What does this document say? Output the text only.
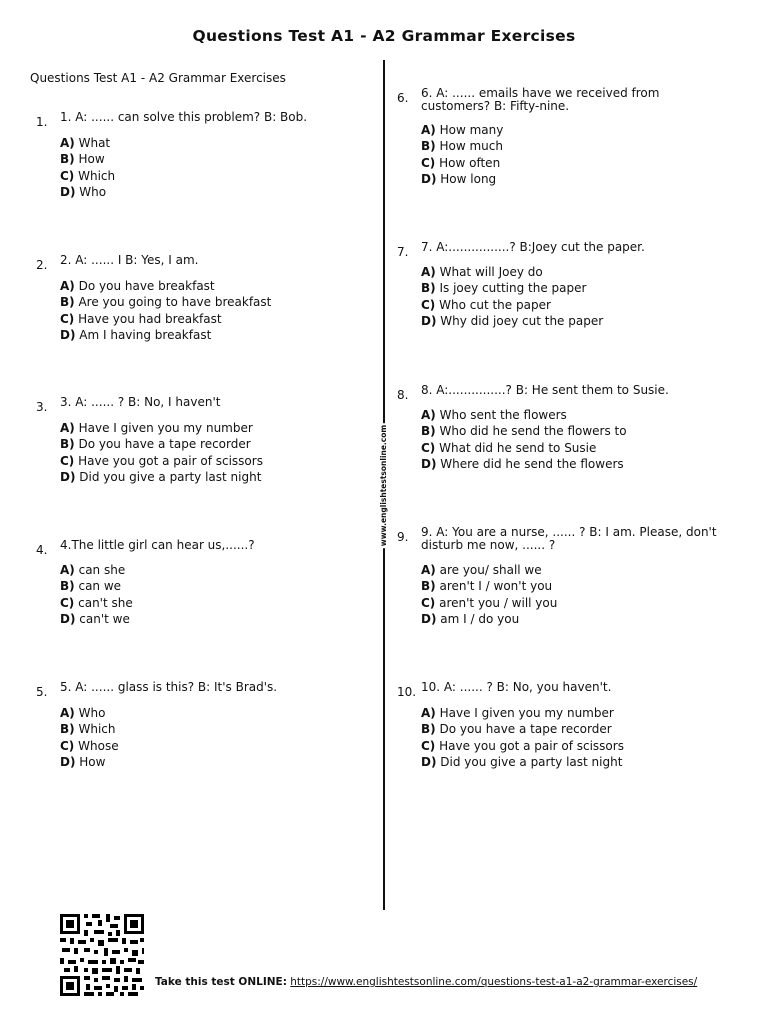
Questions Test A1 - A2 Grammar Exercises
Questions Test A1 - A2 Grammar Exercises
www.englishtestsonline.com
1. 1. A: ...... can solve this problem? B: Bob.
A) What
B) How
C) Which
D) Who
2. 2. A: ...... I B: Yes, I am.
A) Do you have breakfast
B) Are you going to have breakfast
C) Have you had breakfast
D) Am I having breakfast
3. 3. A: ...... ? B: No, I haven't
A) Have I given you my number
B) Do you have a tape recorder
C) Have you got a pair of scissors
D) Did you give a party last night
4. 4.The little girl can hear us,......?
A) can she
B) can we
C) can't she
D) can't we
5. 5. A: ...... glass is this? B: It's Brad's.
A) Who
B) Which
C) Whose
D) How
6. 6. A: ...... emails have we received from customers? B: Fifty-nine.
A) How many
B) How much
C) How often
D) How long
7. 7. A:................? B:Joey cut the paper.
A) What will Joey do
B) Is joey cutting the paper
C) Who cut the paper
D) Why did joey cut the paper
8. 8. A:...............? B: He sent them to Susie.
A) Who sent the flowers
B) Who did he send the flowers to
C) What did he send to Susie
D) Where did he send the flowers
9. 9. A: You are a nurse, ...... ? B: I am. Please, don't disturb me now, ...... ?
A) are you/ shall we
B) aren't I / won't you
C) aren't you / will you
D) am I / do you
10. 10. A: ...... ? B: No, you haven't.
A) Have I given you my number
B) Do you have a tape recorder
C) Have you got a pair of scissors
D) Did you give a party last night
Take this test ONLINE: https://www.englishtestsonline.com/questions-test-a1-a2-grammar-exercises/
